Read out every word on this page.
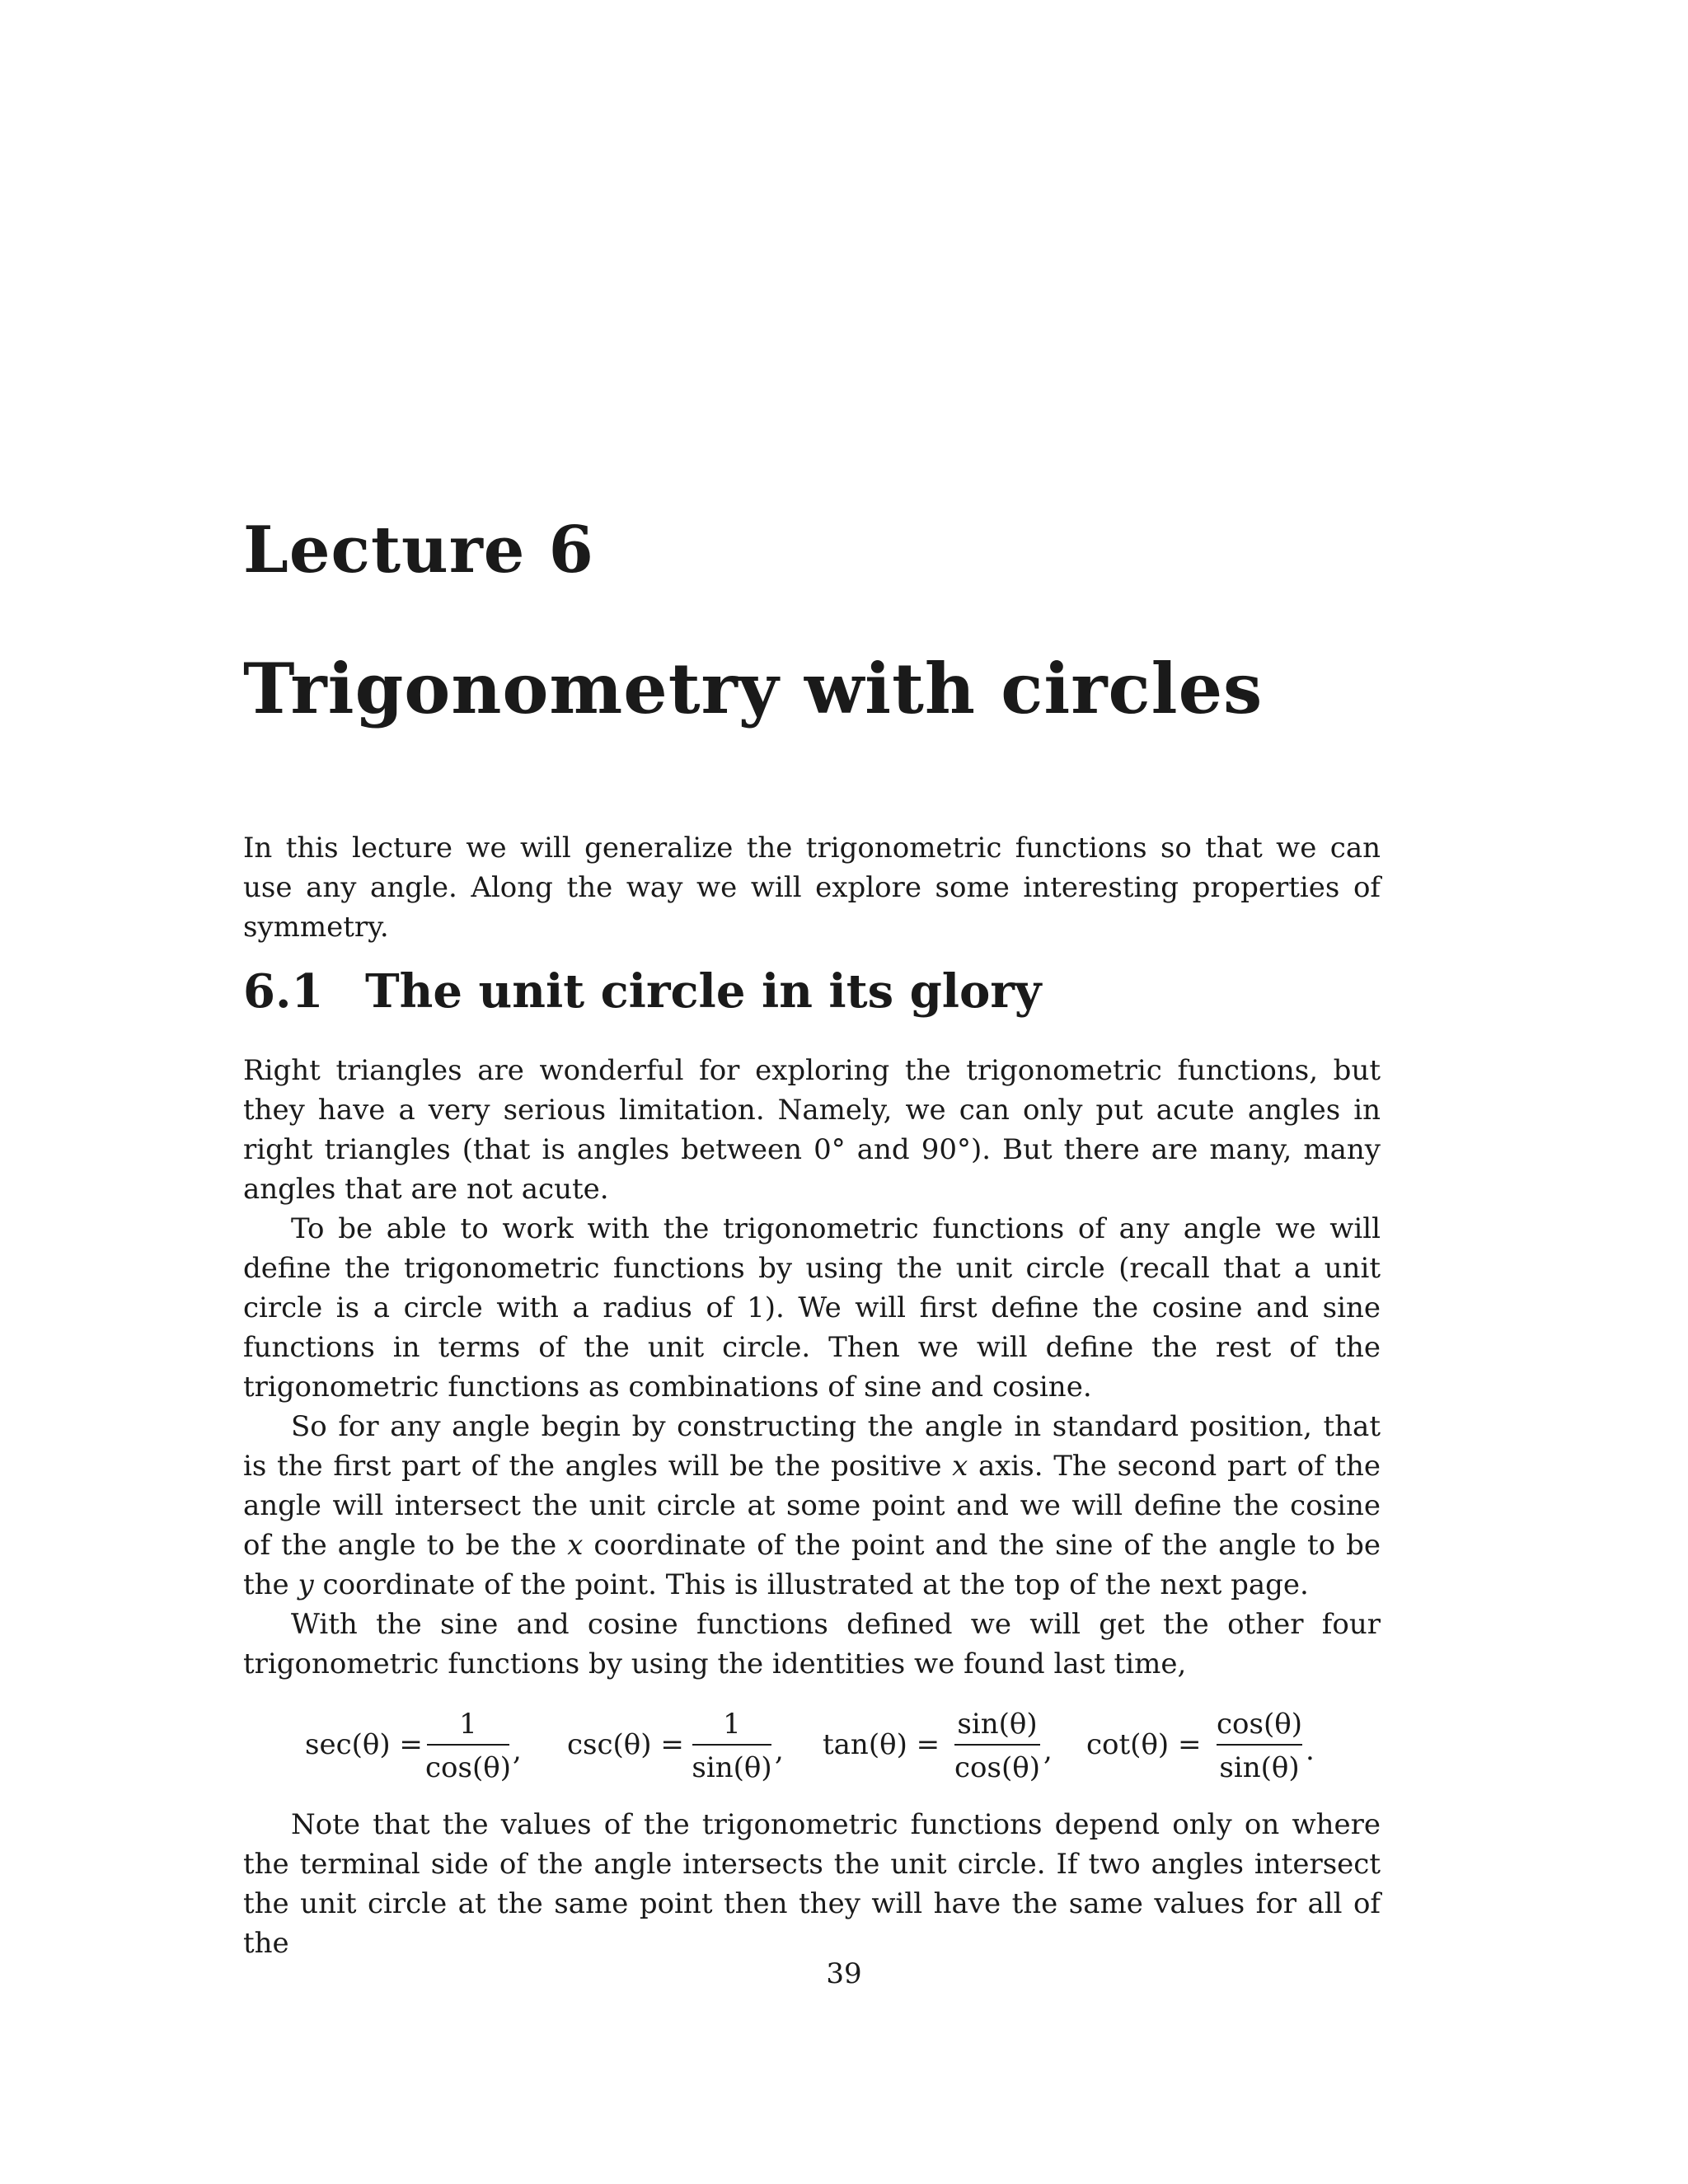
Lecture 6
Trigonometry with circles

In this lecture we will generalize the trigonometric functions so that we can use any angle. Along the way we will explore some interesting properties of symmetry.

6.1 The unit circle in its glory

Right triangles are wonderful for exploring the trigonometric functions, but they have a very serious limitation. Namely, we can only put acute angles in right triangles (that is angles between 0° and 90°). But there are many, many angles that are not acute.

To be able to work with the trigonometric functions of any angle we will define the trigonometric functions by using the unit circle (recall that a unit circle is a circle with a radius of 1). We will first define the cosine and sine functions in terms of the unit circle. Then we will define the rest of the trigonometric functions as combinations of sine and cosine.

So for any angle begin by constructing the angle in standard position, that is the first part of the angles will be the positive x axis. The second part of the angle will intersect the unit circle at some point and we will define the cosine of the angle to be the x coordinate of the point and the sine of the angle to be the y coordinate of the point. This is illustrated at the top of the next page.

With the sine and cosine functions defined we will get the other four trigonometric functions by using the identities we found last time,

sec(θ) =
1
cos(θ)
, csc(θ) =
1
sin(θ)
, tan(θ) =
sin(θ)
cos(θ)
, cot(θ) =
cos(θ)
sin(θ)
.

Note that the values of the trigonometric functions depend only on where the terminal side of the angle intersects the unit circle. If two angles intersect the unit circle at the same point then they will have the same values for all of the

39
